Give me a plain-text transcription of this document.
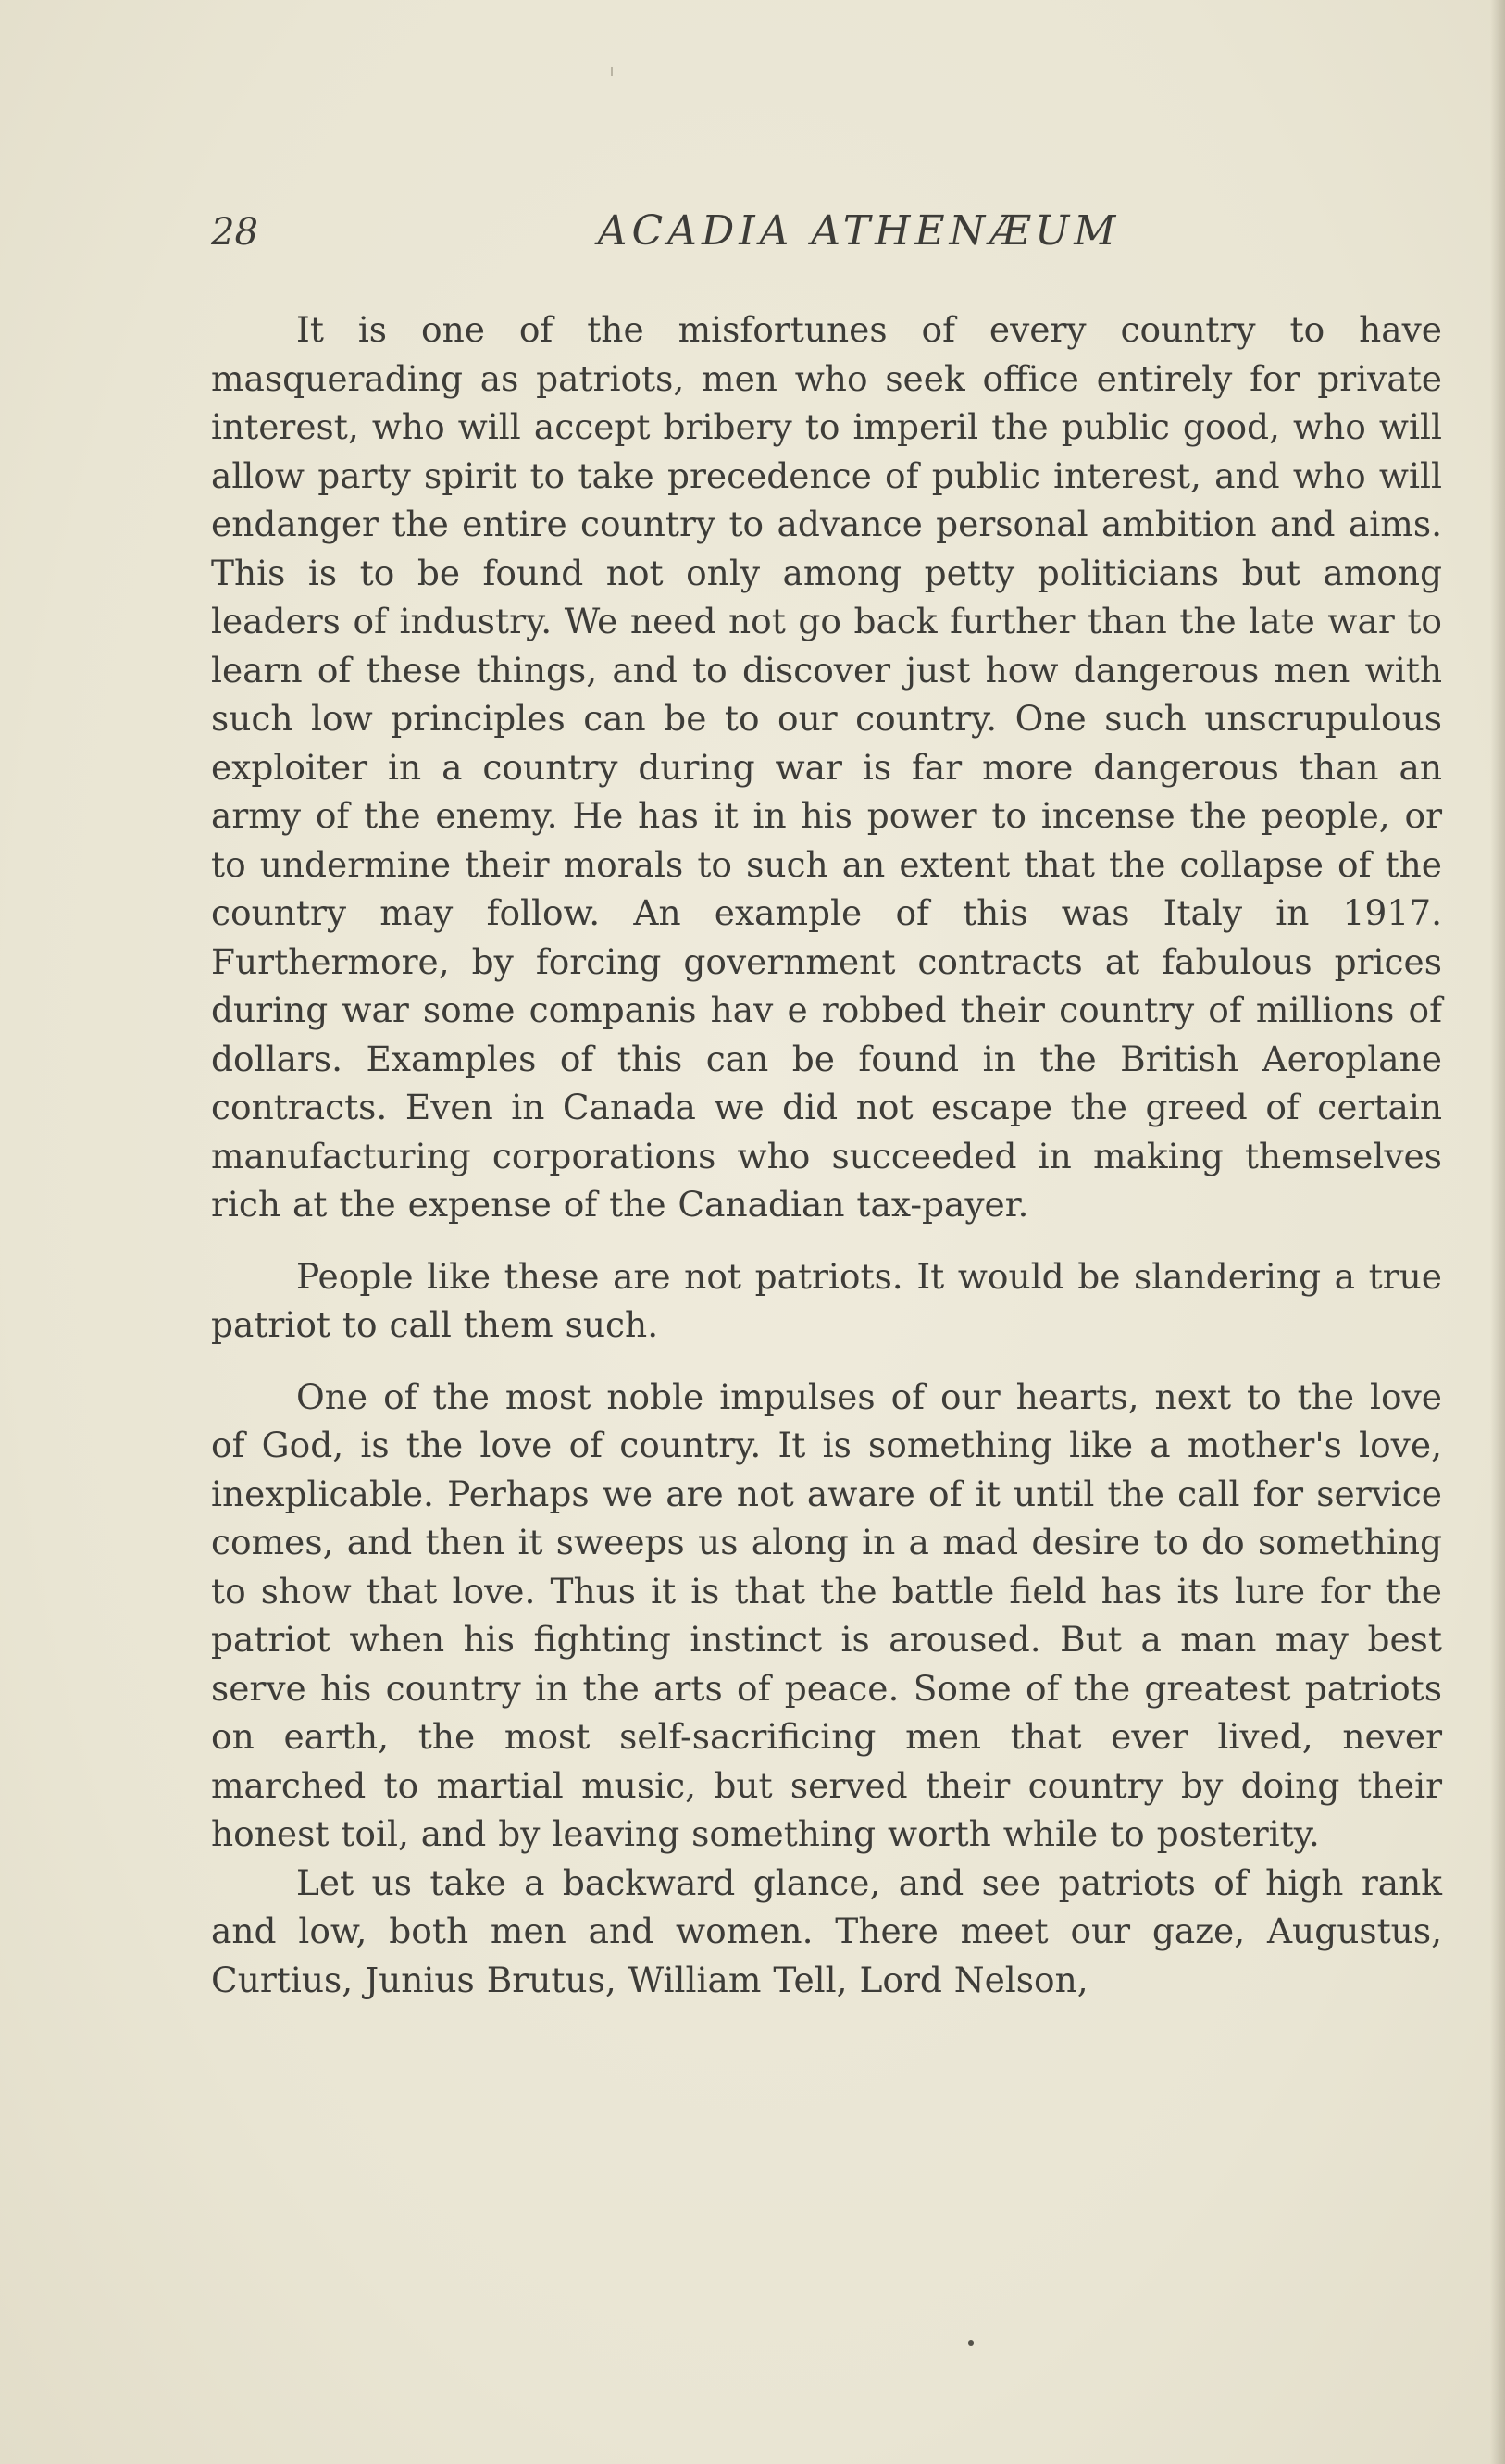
28	ACADIA ATHENÆUM

It is one of the misfortunes of every country to have masquerading as patriots, men who seek office entirely for private interest, who will accept bribery to imperil the public good, who will allow party spirit to take precedence of public interest, and who will endanger the entire country to advance personal ambition and aims. This is to be found not only among petty politicians but among leaders of industry. We need not go back further than the late war to learn of these things, and to discover just how dangerous men with such low principles can be to our country. One such unscrupulous exploiter in a country during war is far more dangerous than an army of the enemy. He has it in his power to incense the people, or to undermine their morals to such an extent that the collapse of the country may follow. An example of this was Italy in 1917. Furthermore, by forcing government contracts at fabulous prices during war some companis hav e robbed their country of millions of dollars. Examples of this can be found in the British Aeroplane contracts. Even in Canada we did not escape the greed of certain manufacturing corporations who succeeded in making themselves rich at the expense of the Canadian tax-payer.

People like these are not patriots. It would be slandering a true patriot to call them such.

One of the most noble impulses of our hearts, next to the love of God, is the love of country. It is something like a mother's love, inexplicable. Perhaps we are not aware of it until the call for service comes, and then it sweeps us along in a mad desire to do something to show that love. Thus it is that the battle field has its lure for the patriot when his fighting instinct is aroused. But a man may best serve his country in the arts of peace. Some of the greatest patriots on earth, the most self-sacrificing men that ever lived, never marched to martial music, but served their country by doing their honest toil, and by leaving something worth while to posterity.

Let us take a backward glance, and see patriots of high rank and low, both men and women. There meet our gaze, Augustus, Curtius, Junius Brutus, William Tell, Lord Nelson,
